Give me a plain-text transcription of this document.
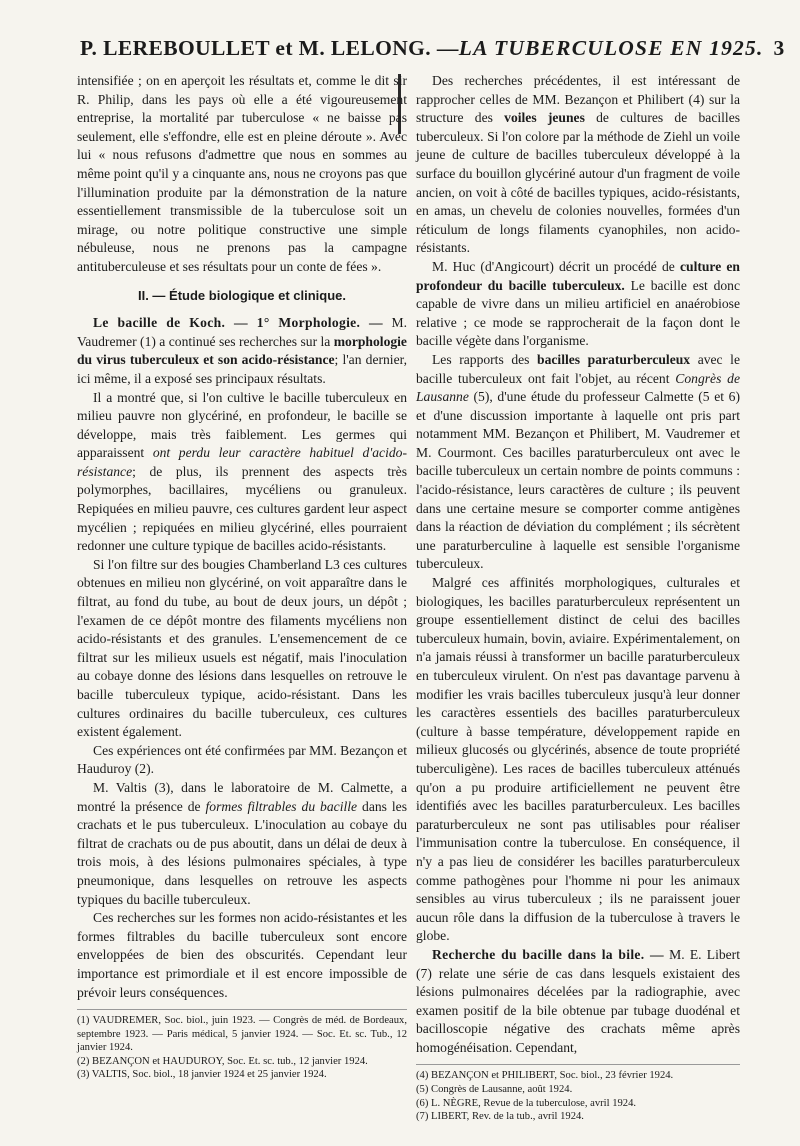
P. LEREBOULLET et M. LELONG. — LA TUBERCULOSE EN 1925. 3

intensifiée ; on en aperçoit les résultats et, comme le dit sir R. Philip, dans les pays où elle a été vigoureusement entreprise, la mortalité par tuberculose « ne baisse pas seulement, elle s'effondre, elle est en pleine déroute ». Avec lui « nous refusons d'admettre que nous en sommes au même point qu'il y a cinquante ans, nous ne croyons pas que l'illumination produite par la démonstration de la nature essentiellement transmissible de la tuberculose soit un mirage, ou notre politique constructive une simple nébuleuse, nous ne prenons pas la campagne antituberculeuse et ses résultats pour un conte de fées ».

II. — Étude biologique et clinique.

Le bacille de Koch. — 1° Morphologie. — M. Vaudremer (1) a continué ses recherches sur la morphologie du virus tuberculeux et son acido-résistance; l'an dernier, ici même, il a exposé ses principaux résultats.

Il a montré que, si l'on cultive le bacille tuberculeux en milieu pauvre non glycériné, en profondeur, le bacille se développe, mais très faiblement. Les germes qui apparaissent ont perdu leur caractère habituel d'acido-résistance; de plus, ils prennent des aspects très polymorphes, bacillaires, mycéliens ou granuleux. Repiquées en milieu pauvre, ces cultures gardent leur aspect mycélien ; repiquées en milieu glycériné, elles pourraient redonner une culture typique de bacilles acido-résistants.

Si l'on filtre sur des bougies Chamberland L3 ces cultures obtenues en milieu non glycériné, on voit apparaître dans le filtrat, au fond du tube, au bout de deux jours, un dépôt ; l'examen de ce dépôt montre des filaments mycéliens non acido-résistants et des granules. L'ensemencement de ce filtrat sur les milieux usuels est négatif, mais l'inoculation au cobaye donne des lésions dans lesquelles on retrouve le bacille tuberculeux typique, acido-résistant. Dans les cultures ordinaires du bacille tuberculeux, ces cultures existent également.

Ces expériences ont été confirmées par MM. Bezançon et Hauduroy (2).

M. Valtis (3), dans le laboratoire de M. Calmette, a montré la présence de formes filtrables du bacille dans les crachats et le pus tuberculeux. L'inoculation au cobaye du filtrat de crachats ou de pus aboutit, dans un délai de deux à trois mois, à des lésions pulmonaires spéciales, à type pneumonique, dans lesquelles on retrouve les aspects typiques du bacille tuberculeux.

Ces recherches sur les formes non acido-résistantes et les formes filtrables du bacille tuberculeux sont encore enveloppées de bien des obscurités. Cependant leur importance est primordiale et il est encore impossible de prévoir leurs conséquences.

(1) VAUDREMER, Soc. biol., juin 1923. — Congrès de méd. de Bordeaux, septembre 1923. — Paris médical, 5 janvier 1924. — Soc. Et. sc. Tub., 12 janvier 1924.
(2) BEZANÇON et HAUDUROY, Soc. Et. sc. tub., 12 janvier 1924.
(3) VALTIS, Soc. biol., 18 janvier 1924 et 25 janvier 1924.

Des recherches précédentes, il est intéressant de rapprocher celles de MM. Bezançon et Philibert (4) sur la structure des voiles jeunes de cultures de bacilles tuberculeux. Si l'on colore par la méthode de Ziehl un voile jeune de culture de bacilles tuberculeux développé à la surface du bouillon glycériné autour d'un fragment de voile ancien, on voit à côté de bacilles typiques, acido-résistants, en amas, un chevelu de colonies nouvelles, formées d'un réticulum de longs filaments cyanophiles, non acido-résistants.

M. Huc (d'Angicourt) décrit un procédé de culture en profondeur du bacille tuberculeux. Le bacille est donc capable de vivre dans un milieu artificiel en anaérobiose relative ; ce mode se rapprocherait de la façon dont le bacille végète dans l'organisme.

Les rapports des bacilles paraturberculeux avec le bacille tuberculeux ont fait l'objet, au récent Congrès de Lausanne (5), d'une étude du professeur Calmette (5 et 6) et d'une discussion importante à laquelle ont pris part notamment MM. Bezançon et Philibert, M. Vaudremer et M. Courmont. Ces bacilles paraturberculeux ont avec le bacille tuberculeux un certain nombre de points communs : l'acido-résistance, leurs caractères de culture ; ils peuvent dans une certaine mesure se comporter comme antigènes dans la réaction de déviation du complément ; ils sécrètent une paraturberculine à laquelle est sensible l'organisme tuberculeux.

Malgré ces affinités morphologiques, culturales et biologiques, les bacilles paraturberculeux représentent un groupe essentiellement distinct de celui des bacilles tuberculeux humain, bovin, aviaire. Expérimentalement, on n'a jamais réussi à transformer un bacille paraturberculeux en tuberculeux virulent. On n'est pas davantage parvenu à modifier les vrais bacilles tuberculeux jusqu'à leur donner les caractères essentiels des bacilles paraturberculeux (culture à basse température, développement rapide en milieux glucosés ou glycérinés, absence de toute propriété tuberculigène). Les races de bacilles tuberculeux atténués qu'on a pu produire artificiellement ne peuvent être identifiés avec les bacilles paraturberculeux. Les bacilles paraturberculeux ne sont pas utilisables pour réaliser l'immunisation contre la tuberculose. En conséquence, il n'y a pas lieu de considérer les bacilles paraturberculeux comme pathogènes pour l'homme ni pour les animaux sensibles au virus tuberculeux ; ils ne paraissent jouer aucun rôle dans la diffusion de la tuberculose à travers le globe.

Recherche du bacille dans la bile. — M. E. Libert (7) relate une série de cas dans lesquels existaient des lésions pulmonaires décelées par la radiographie, avec examen positif de la bile obtenue par tubage duodénal et bacilloscopie négative des crachats même après homogénéisation. Cependant,

(4) BEZANÇON et PHILIBERT, Soc. biol., 23 février 1924.
(5) Congrès de Lausanne, août 1924.
(6) L. NÈGRE, Revue de la tuberculose, avril 1924.
(7) LIBERT, Rev. de la tub., avril 1924.
